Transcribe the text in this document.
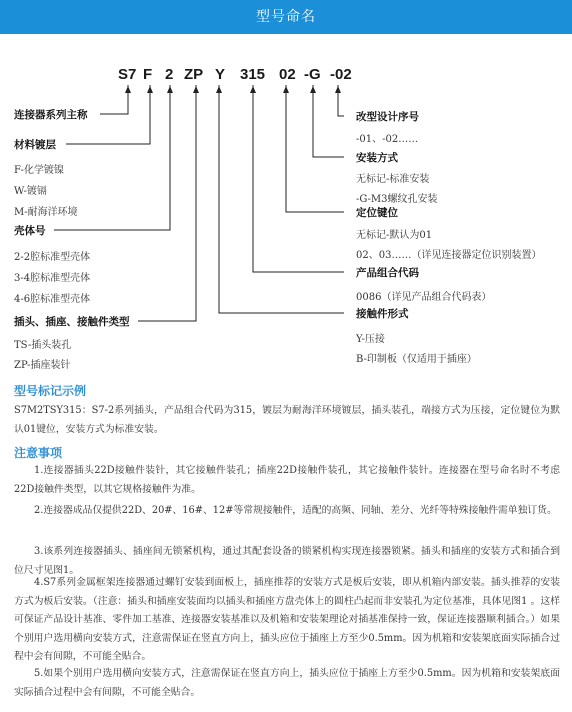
型号命名
S7 F 2 ZP Y 315 02 -G -02
连接器系列主称
材料镀层
F-化学镀镍
W-镀镉
M-耐海洋环境
壳体号
2-2腔标准型壳体
3-4腔标准型壳体
4-6腔标准型壳体
插头、插座、接触件类型
TS-插头装孔
ZP-插座装针
改型设计序号
-01、-02……
安装方式
无标记-标准安装
-G-M3螺纹孔安装
定位键位
无标记-默认为01
02、03……（详见连接器定位识别装置）
产品组合代码
0086（详见产品组合代码表）
接触件形式
Y-压接
B-印制板（仅适用于插座）
型号标记示例
S7M2TSY315：S7-2系列插头，产品组合代码为315，镀层为耐海洋环境镀层，插头装孔，端接方式为压接，定位键位为默认01键位，安装方式为标准安装。
注意事项
1.连接器插头22D接触件装针，其它接触件装孔；插座22D接触件装孔，其它接触件装针。连接器在型号命名时不考虑22D接触件类型，以其它规格接触件为准。
2.连接器成品仅提供22D、20#、16#、12#等常规接触件，适配的高频、同轴、差分、光纤等特殊接触件需单独订货。
3.该系列连接器插头、插座间无锁紧机构，通过其配套设备的锁紧机构实现连接器锁紧。插头和插座的安装方式和插合到位尺寸见图1。
4.S7系列金属框架连接器通过螺钉安装到面板上，插座推荐的安装方式是板后安装，即从机箱内部安装。插头推荐的安装方式为板后安装。（注意：插头和插座安装面均以插头和插座方盘壳体上的圆柱凸起而非安装孔为定位基准，具体见图1 。这样可保证产品设计基准、零件加工基准、连接器安装基准以及机箱和安装架理论对插基准保持一致，保证连接器顺利插合。）如果个别用户选用横向安装方式，注意需保证在竖直方向上，插头应位于插座上方至少0.5mm。因为机箱和安装架底面实际插合过程中会有间隙，不可能全贴合。
5.如果个别用户选用横向安装方式，注意需保证在竖直方向上，插头应位于插座上方至少0.5mm。因为机箱和安装架底面实际插合过程中会有间隙，不可能全贴合。
